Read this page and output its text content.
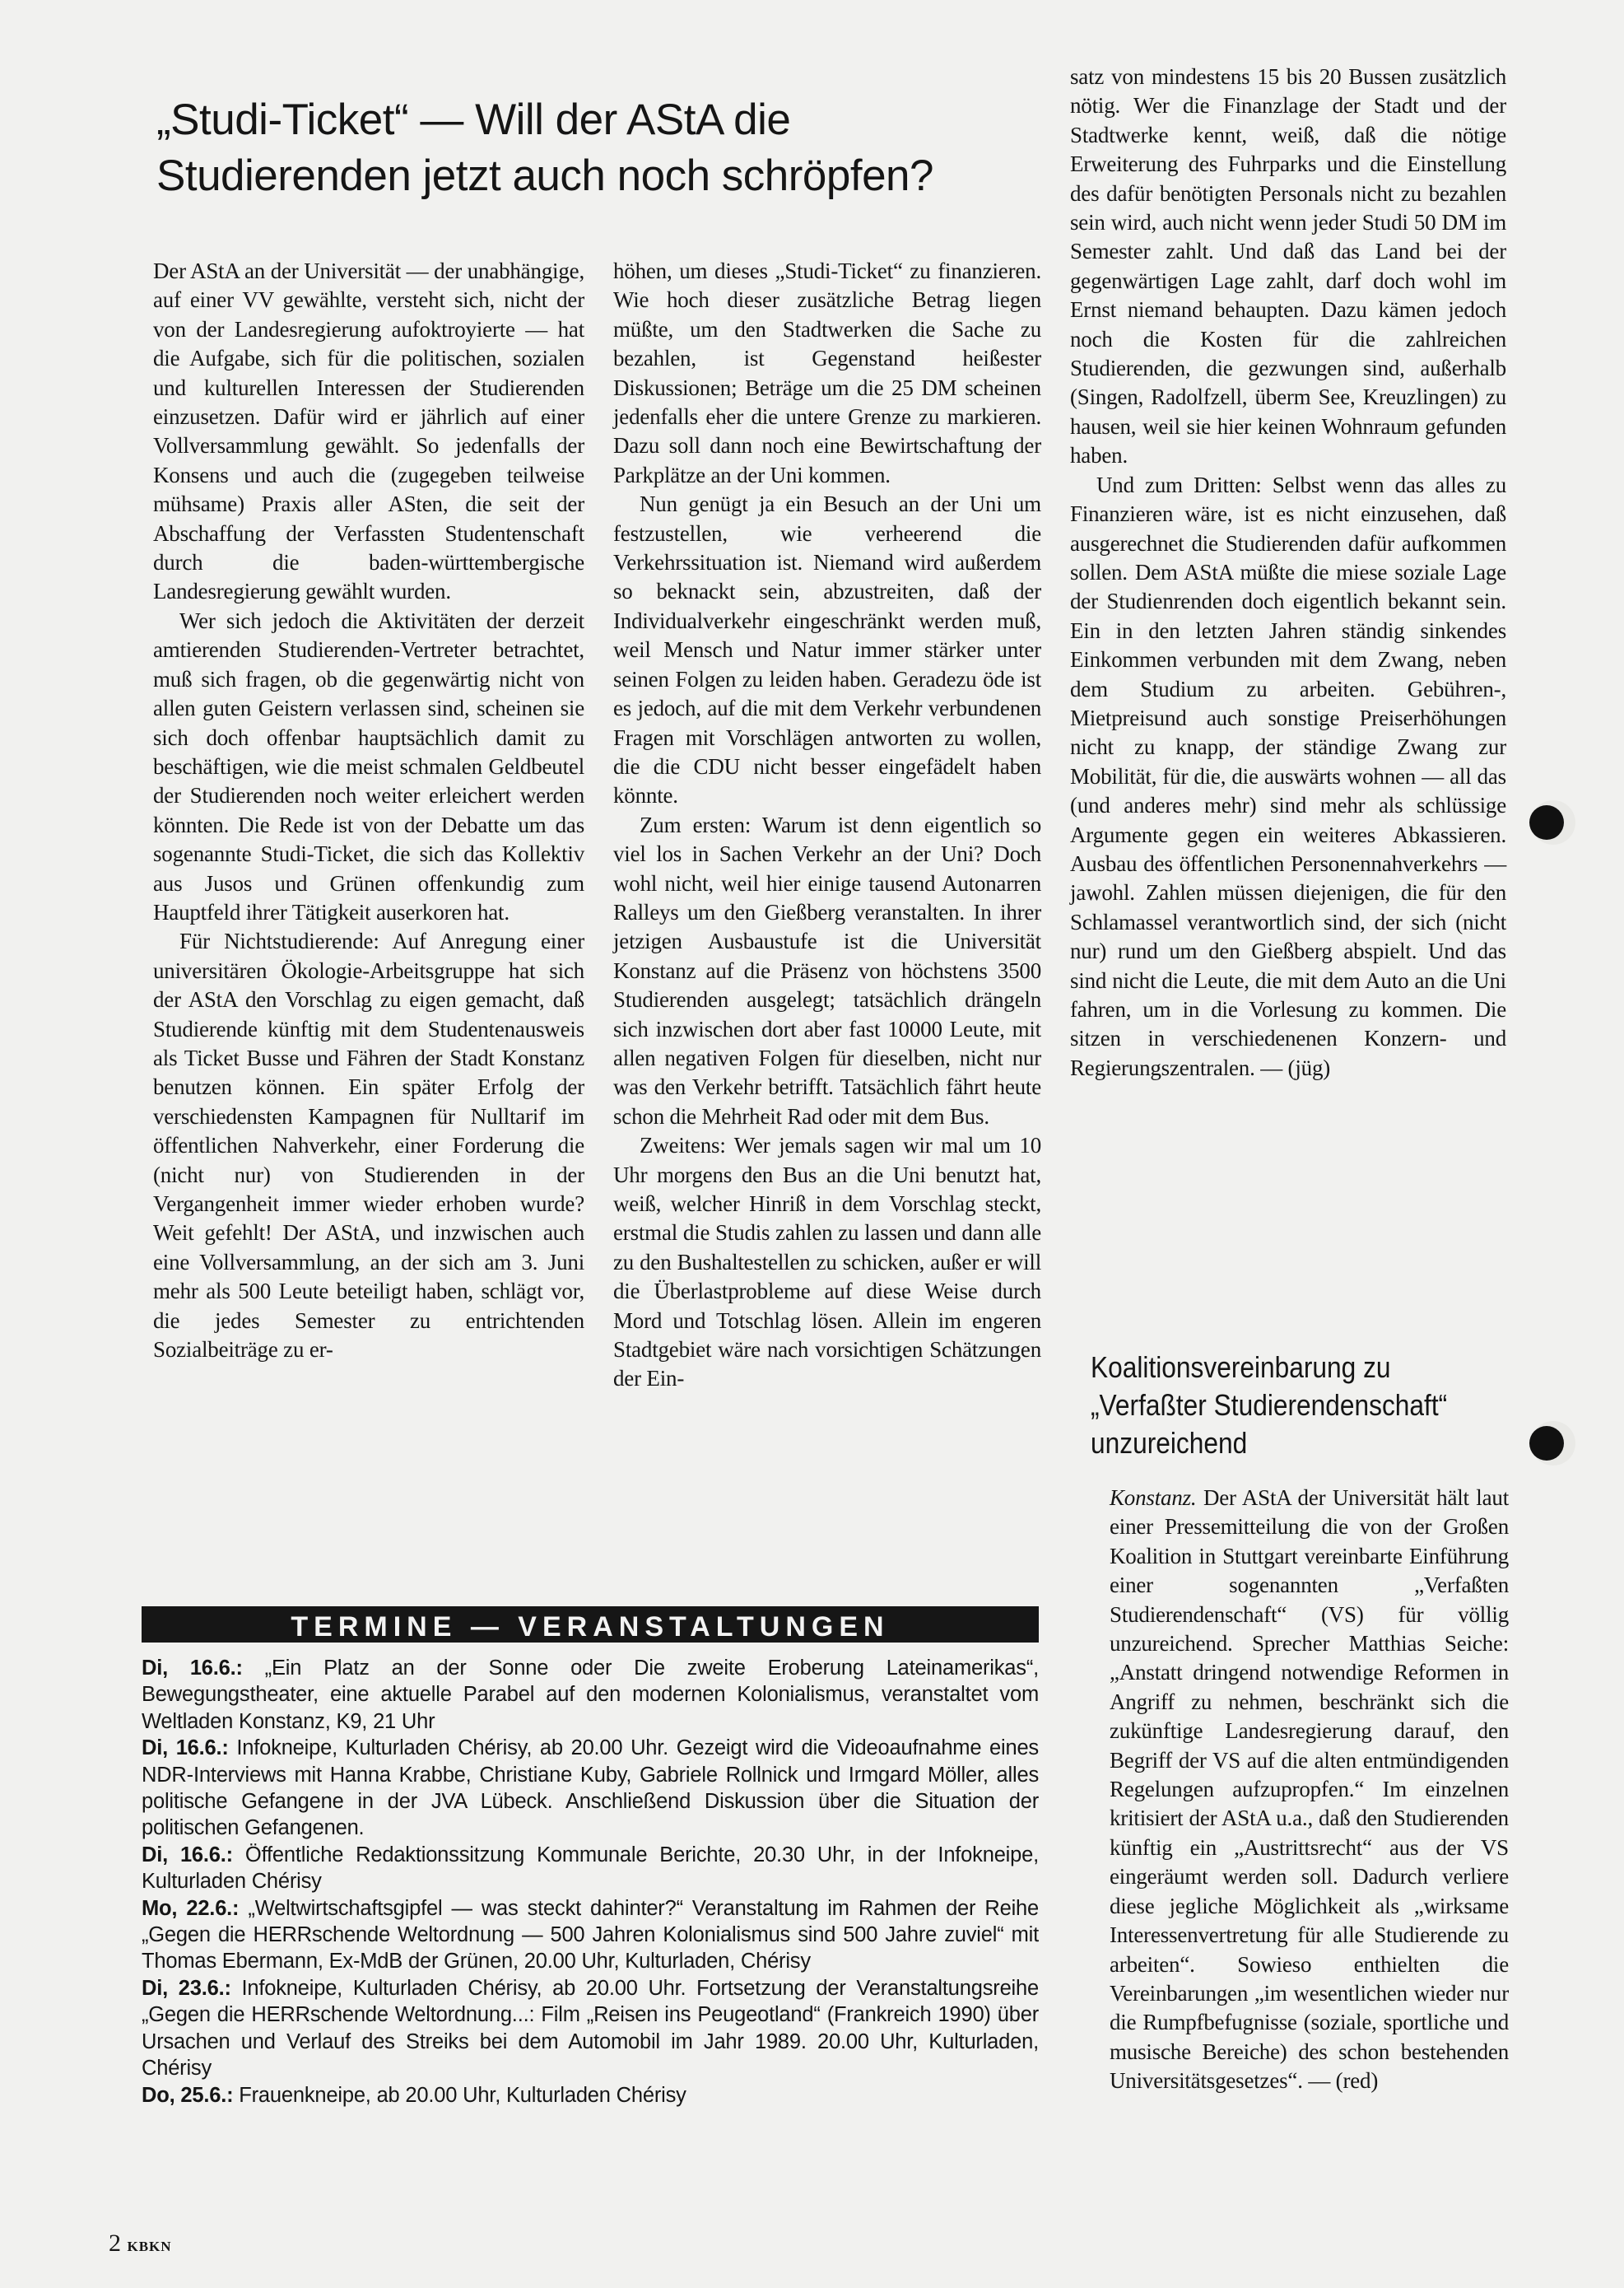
„Studi-Ticket“ — Will der AStA die
Studierenden jetzt auch noch schröpfen?

Der AStA an der Universität — der unabhängige, auf einer VV gewählte, versteht sich, nicht der von der Landesregierung aufoktroyierte — hat die Aufgabe, sich für die politischen, sozialen und kulturellen Interessen der Studierenden einzusetzen. Dafür wird er jährlich auf einer Vollversammlung gewählt. So jedenfalls der Konsens und auch die (zugegeben teilweise mühsame) Praxis aller ASten, die seit der Abschaffung der Verfassten Studentenschaft durch die baden-württembergische Landesregierung gewählt wurden.

Wer sich jedoch die Aktivitäten der derzeit amtierenden Studierenden-Vertreter betrachtet, muß sich fragen, ob die gegenwärtig nicht von allen guten Geistern verlassen sind, scheinen sie sich doch offenbar hauptsächlich damit zu beschäftigen, wie die meist schmalen Geldbeutel der Studierenden noch weiter erleichert werden könnten. Die Rede ist von der Debatte um das sogenannte Studi-Ticket, die sich das Kollektiv aus Jusos und Grünen offenkundig zum Hauptfeld ihrer Tätigkeit auserkoren hat.

Für Nichtstudierende: Auf Anregung einer universitären Ökologie-Arbeitsgruppe hat sich der AStA den Vorschlag zu eigen gemacht, daß Studierende künftig mit dem Studentenausweis als Ticket Busse und Fähren der Stadt Konstanz benutzen können. Ein später Erfolg der verschiedensten Kampagnen für Nulltarif im öffentlichen Nahverkehr, einer Forderung die (nicht nur) von Studierenden in der Vergangenheit immer wieder erhoben wurde? Weit gefehlt! Der AStA, und inzwischen auch eine Vollversammlung, an der sich am 3. Juni mehr als 500 Leute beteiligt haben, schlägt vor, die jedes Semester zu entrichtenden Sozialbeiträge zu er-

höhen, um dieses „Studi-Ticket“ zu finanzieren. Wie hoch dieser zusätzliche Betrag liegen müßte, um den Stadtwerken die Sache zu bezahlen, ist Gegenstand heißester Diskussionen; Beträge um die 25 DM scheinen jedenfalls eher die untere Grenze zu markieren. Dazu soll dann noch eine Bewirtschaftung der Parkplätze an der Uni kommen.

Nun genügt ja ein Besuch an der Uni um festzustellen, wie verheerend die Verkehrssituation ist. Niemand wird außerdem so beknackt sein, abzustreiten, daß der Individualverkehr eingeschränkt werden muß, weil Mensch und Natur immer stärker unter seinen Folgen zu leiden haben. Geradezu öde ist es jedoch, auf die mit dem Verkehr verbundenen Fragen mit Vorschlägen antworten zu wollen, die die CDU nicht besser eingefädelt haben könnte.

Zum ersten: Warum ist denn eigentlich so viel los in Sachen Verkehr an der Uni? Doch wohl nicht, weil hier einige tausend Autonarren Ralleys um den Gießberg veranstalten. In ihrer jetzigen Ausbaustufe ist die Universität Konstanz auf die Präsenz von höchstens 3500 Studierenden ausgelegt; tatsächlich drängeln sich inzwischen dort aber fast 10000 Leute, mit allen negativen Folgen für dieselben, nicht nur was den Verkehr betrifft. Tatsächlich fährt heute schon die Mehrheit Rad oder mit dem Bus.

Zweitens: Wer jemals sagen wir mal um 10 Uhr morgens den Bus an die Uni benutzt hat, weiß, welcher Hinriß in dem Vorschlag steckt, erstmal die Studis zahlen zu lassen und dann alle zu den Bushaltestellen zu schicken, außer er will die Überlastprobleme auf diese Weise durch Mord und Totschlag lösen. Allein im engeren Stadtgebiet wäre nach vorsichtigen Schätzungen der Ein-

satz von mindestens 15 bis 20 Bussen zusätzlich nötig. Wer die Finanzlage der Stadt und der Stadtwerke kennt, weiß, daß die nötige Erweiterung des Fuhrparks und die Einstellung des dafür benötigten Personals nicht zu bezahlen sein wird, auch nicht wenn jeder Studi 50 DM im Semester zahlt. Und daß das Land bei der gegenwärtigen Lage zahlt, darf doch wohl im Ernst niemand behaupten. Dazu kämen jedoch noch die Kosten für die zahlreichen Studierenden, die gezwungen sind, außerhalb (Singen, Radolfzell, überm See, Kreuzlingen) zu hausen, weil sie hier keinen Wohnraum gefunden haben.

Und zum Dritten: Selbst wenn das alles zu Finanzieren wäre, ist es nicht einzusehen, daß ausgerechnet die Studierenden dafür aufkommen sollen. Dem AStA müßte die miese soziale Lage der Studienrenden doch eigentlich bekannt sein. Ein in den letzten Jahren ständig sinkendes Einkommen verbunden mit dem Zwang, neben dem Studium zu arbeiten. Gebühren-, Mietpreisund auch sonstige Preiserhöhungen nicht zu knapp, der ständige Zwang zur Mobilität, für die, die auswärts wohnen — all das (und anderes mehr) sind mehr als schlüssige Argumente gegen ein weiteres Abkassieren. Ausbau des öffentlichen Personennahverkehrs — jawohl. Zahlen müssen diejenigen, die für den Schlamassel verantwortlich sind, der sich (nicht nur) rund um den Gießberg abspielt. Und das sind nicht die Leute, die mit dem Auto an die Uni fahren, um in die Vorlesung zu kommen. Die sitzen in verschiedenenen Konzern- und Regierungszentralen. — (jüg)

Koalitionsvereinbarung zu
„Verfaßter Studierendenschaft“
unzureichend

Konstanz. Der AStA der Universität hält laut einer Pressemitteilung die von der Großen Koalition in Stuttgart vereinbarte Einführung einer sogenannten „Verfaßten Studierendenschaft“ (VS) für völlig unzureichend. Sprecher Matthias Seiche: „Anstatt dringend notwendige Reformen in Angriff zu nehmen, beschränkt sich die zukünftige Landesregierung darauf, den Begriff der VS auf die alten entmündigenden Regelungen aufzupropfen.“ Im einzelnen kritisiert der AStA u.a., daß den Studierenden künftig ein „Austrittsrecht“ aus der VS eingeräumt werden soll. Dadurch verliere diese jegliche Möglichkeit als „wirksame Interessenvertretung für alle Studierende zu arbeiten“. Sowieso enthielten die Vereinbarungen „im wesentlichen wieder nur die Rumpfbefugnisse (soziale, sportliche und musische Bereiche) des schon bestehenden Universitätsgesetzes“. — (red)

TERMINE — VERANSTALTUNGEN

Di, 16.6.: „Ein Platz an der Sonne oder Die zweite Eroberung Lateinamerikas“, Bewegungstheater, eine aktuelle Parabel auf den modernen Kolonialismus, veranstaltet vom Weltladen Konstanz, K9, 21 Uhr

Di, 16.6.: Infokneipe, Kulturladen Chérisy, ab 20.00 Uhr. Gezeigt wird die Videoaufnahme eines NDR-Interviews mit Hanna Krabbe, Christiane Kuby, Gabriele Rollnick und Irmgard Möller, alles politische Gefangene in der JVA Lübeck. Anschließend Diskussion über die Situation der politischen Gefangenen.

Di, 16.6.: Öffentliche Redaktionssitzung Kommunale Berichte, 20.30 Uhr, in der Infokneipe, Kulturladen Chérisy

Mo, 22.6.: „Weltwirtschaftsgipfel — was steckt dahinter?“ Veranstaltung im Rahmen der Reihe „Gegen die HERRschende Weltordnung — 500 Jahren Kolonialismus sind 500 Jahre zuviel“ mit Thomas Ebermann, Ex-MdB der Grünen, 20.00 Uhr, Kulturladen, Chérisy

Di, 23.6.: Infokneipe, Kulturladen Chérisy, ab 20.00 Uhr. Fortsetzung der Veranstaltungsreihe „Gegen die HERRschende Weltordnung...: Film „Reisen ins Peugeotland“ (Frankreich 1990) über Ursachen und Verlauf des Streiks bei dem Automobil im Jahr 1989. 20.00 Uhr, Kulturladen, Chérisy

Do, 25.6.: Frauenkneipe, ab 20.00 Uhr, Kulturladen Chérisy

2 KBKN
